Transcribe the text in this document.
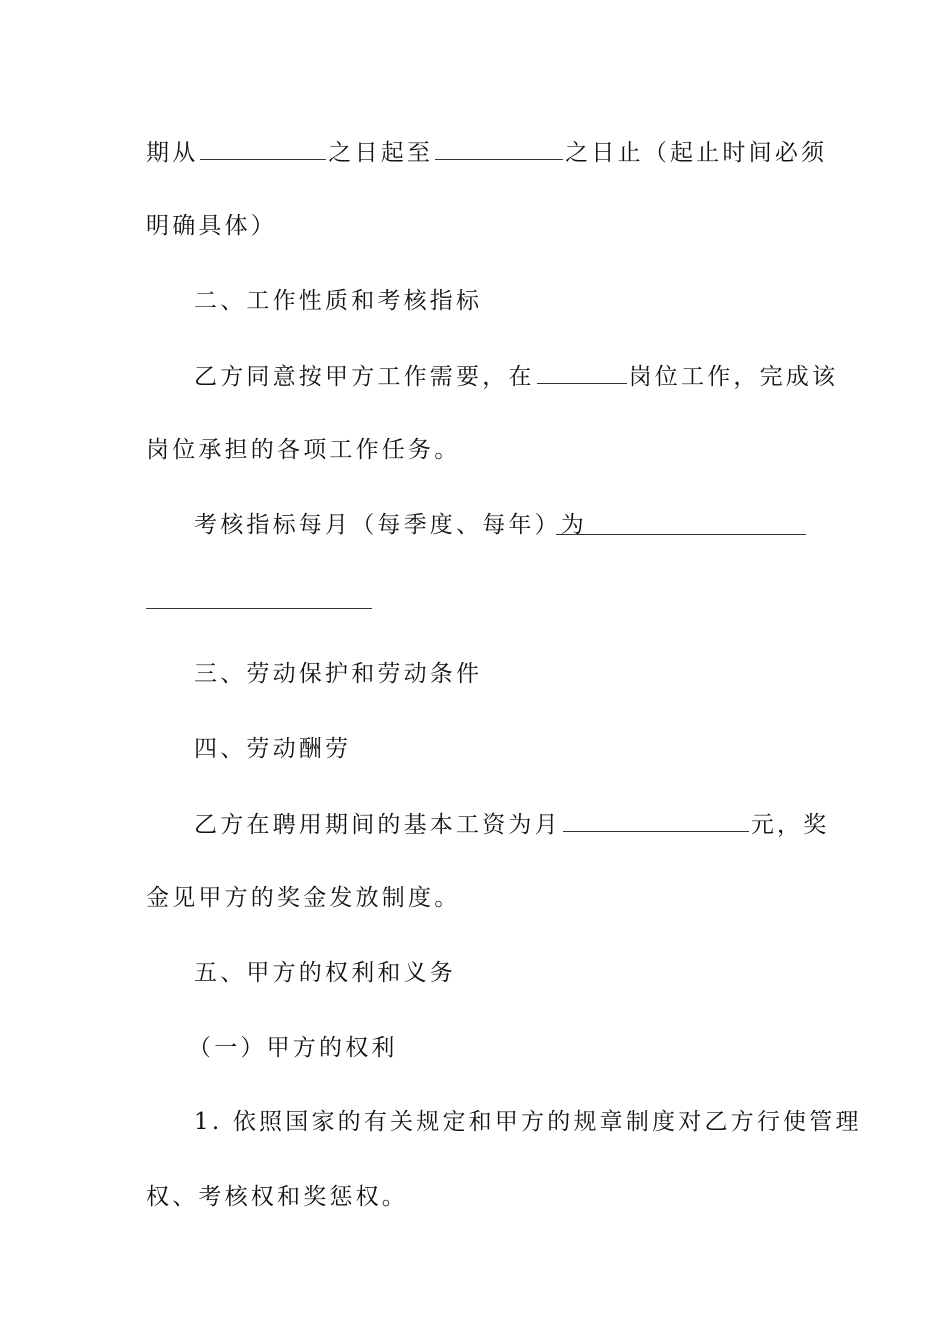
期从	之日起至	之日止（起止时间必须
明确具体）
二、工作性质和考核指标
乙方同意按甲方工作需要，在	岗位工作，完成该
岗位承担的各项工作任务。
考核指标每月（每季度、每年）为
三、劳动保护和劳动条件
四、劳动酬劳
乙方在聘用期间的基本工资为月	元，奖
金见甲方的奖金发放制度。
五、甲方的权利和义务
（一）甲方的权利
1. 依照国家的有关规定和甲方的规章制度对乙方行使管理
权、考核权和奖惩权。
